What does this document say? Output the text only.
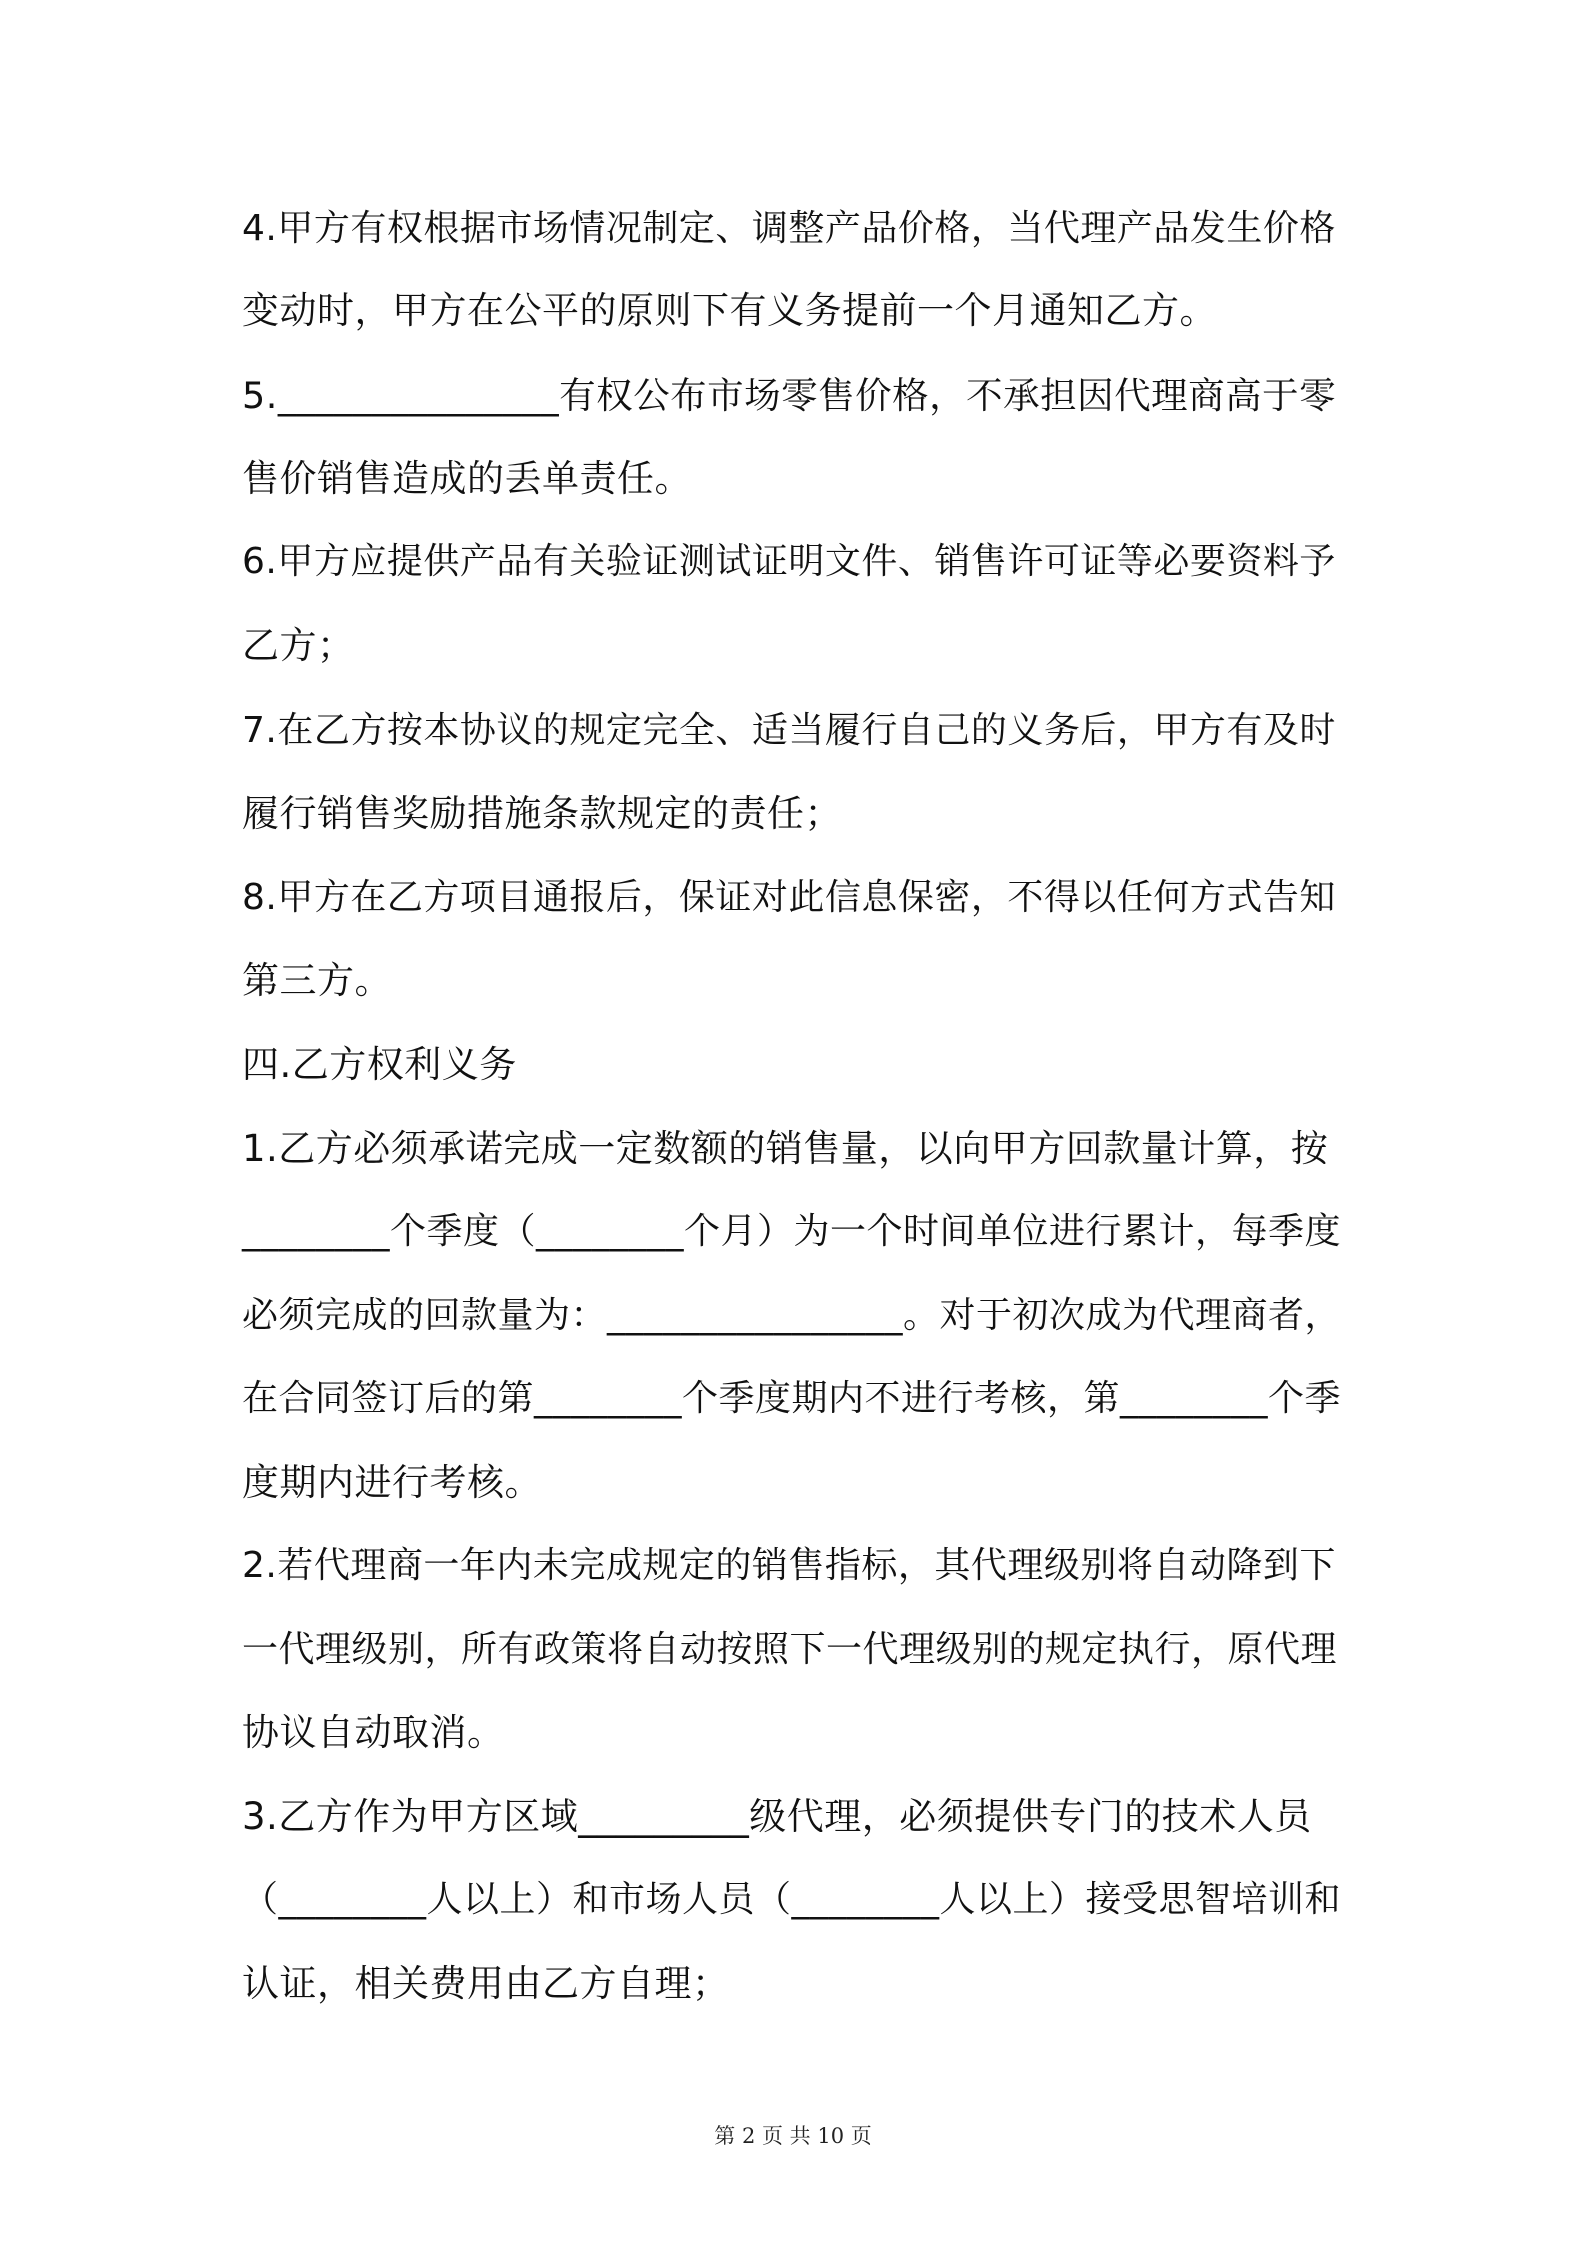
4.甲方有权根据市场情况制定、调整产品价格，当代理产品发生价格
变动时，甲方在公平的原则下有义务提前一个月通知乙方。
5._______________有权公布市场零售价格，不承担因代理商高于零
售价销售造成的丢单责任。
6.甲方应提供产品有关验证测试证明文件、销售许可证等必要资料予
乙方；
7.在乙方按本协议的规定完全、适当履行自己的义务后，甲方有及时
履行销售奖励措施条款规定的责任；
8.甲方在乙方项目通报后，保证对此信息保密，不得以任何方式告知
第三方。
四.乙方权利义务
1.乙方必须承诺完成一定数额的销售量，以向甲方回款量计算，按
________个季度（________个月）为一个时间单位进行累计，每季度
必须完成的回款量为：________________。对于初次成为代理商者，
在合同签订后的第________个季度期内不进行考核，第________个季
度期内进行考核。
2.若代理商一年内未完成规定的销售指标，其代理级别将自动降到下
一代理级别，所有政策将自动按照下一代理级别的规定执行，原代理
协议自动取消。
3.乙方作为甲方区域_________级代理，必须提供专门的技术人员
（________人以上）和市场人员（________人以上）接受思智培训和
认证，相关费用由乙方自理；
第 2 页 共 10 页
